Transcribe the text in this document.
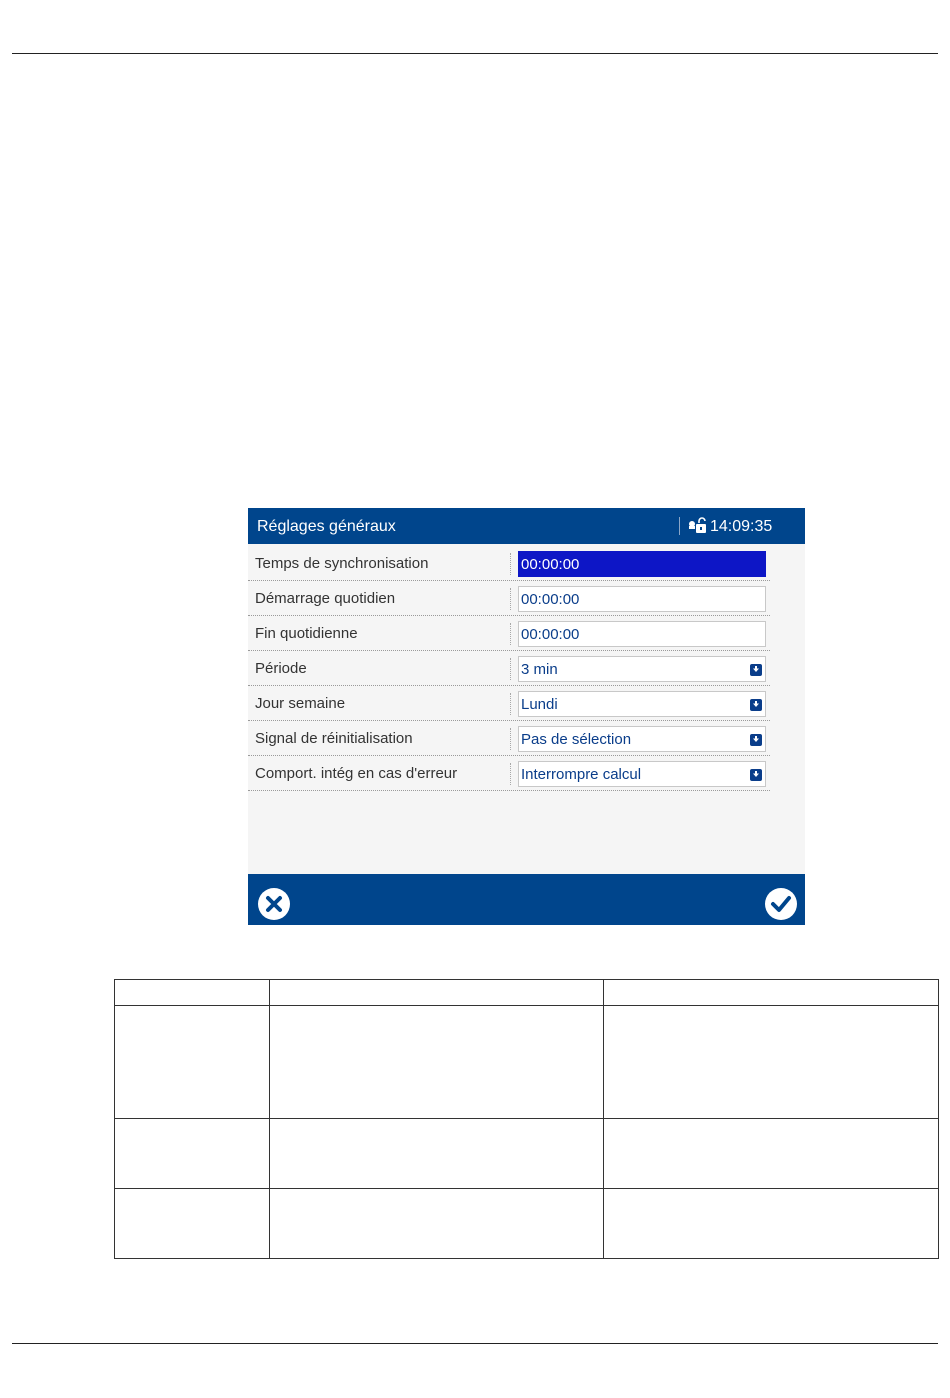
Réglages généraux	14:09:35
Temps de synchronisation	00:00:00
Démarrage quotidien	00:00:00
Fin quotidienne	00:00:00
Période	3 min
Jour semaine	Lundi
Signal de réinitialisation	Pas de sélection
Comport. intég en cas d'erreur	Interrompre calcul
